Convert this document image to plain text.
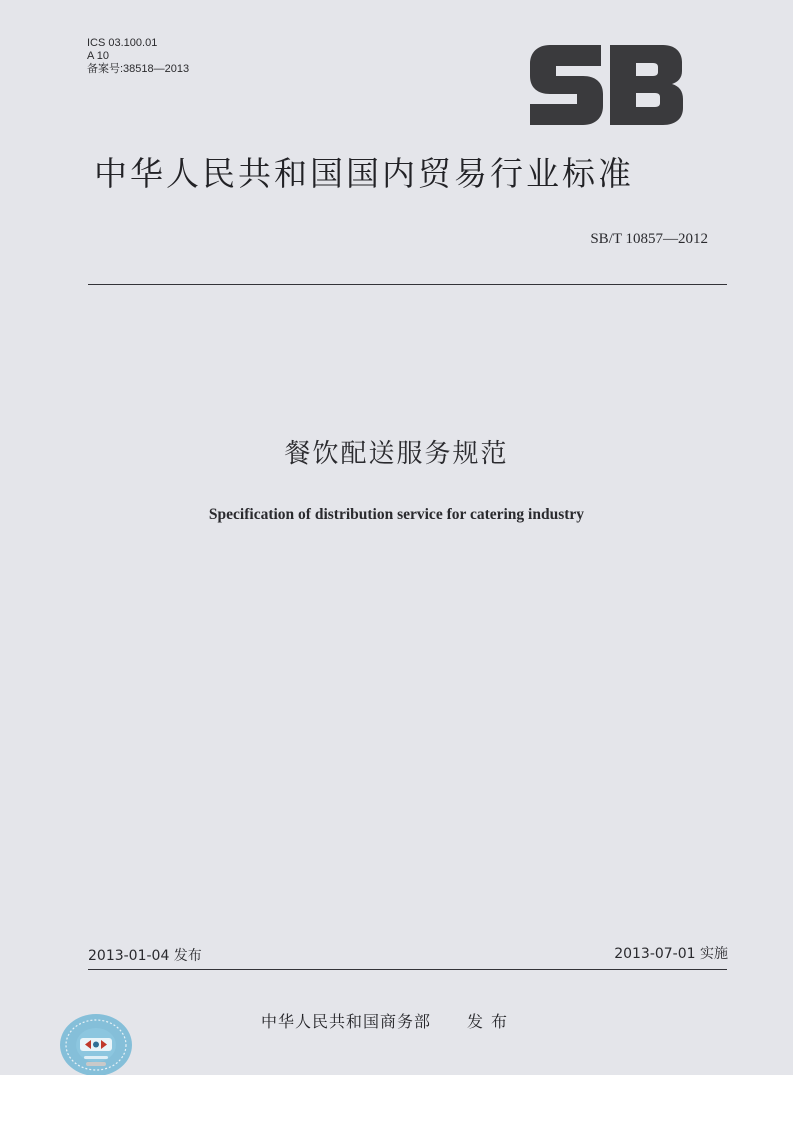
ICS 03.100.01
A 10
备案号:38518—2013
中华人民共和国国内贸易行业标准
SB/T 10857—2012
餐饮配送服务规范
Specification of distribution service for catering industry
2013-01-04 发布	2013-07-01 实施
中华人民共和国商务部 发布
